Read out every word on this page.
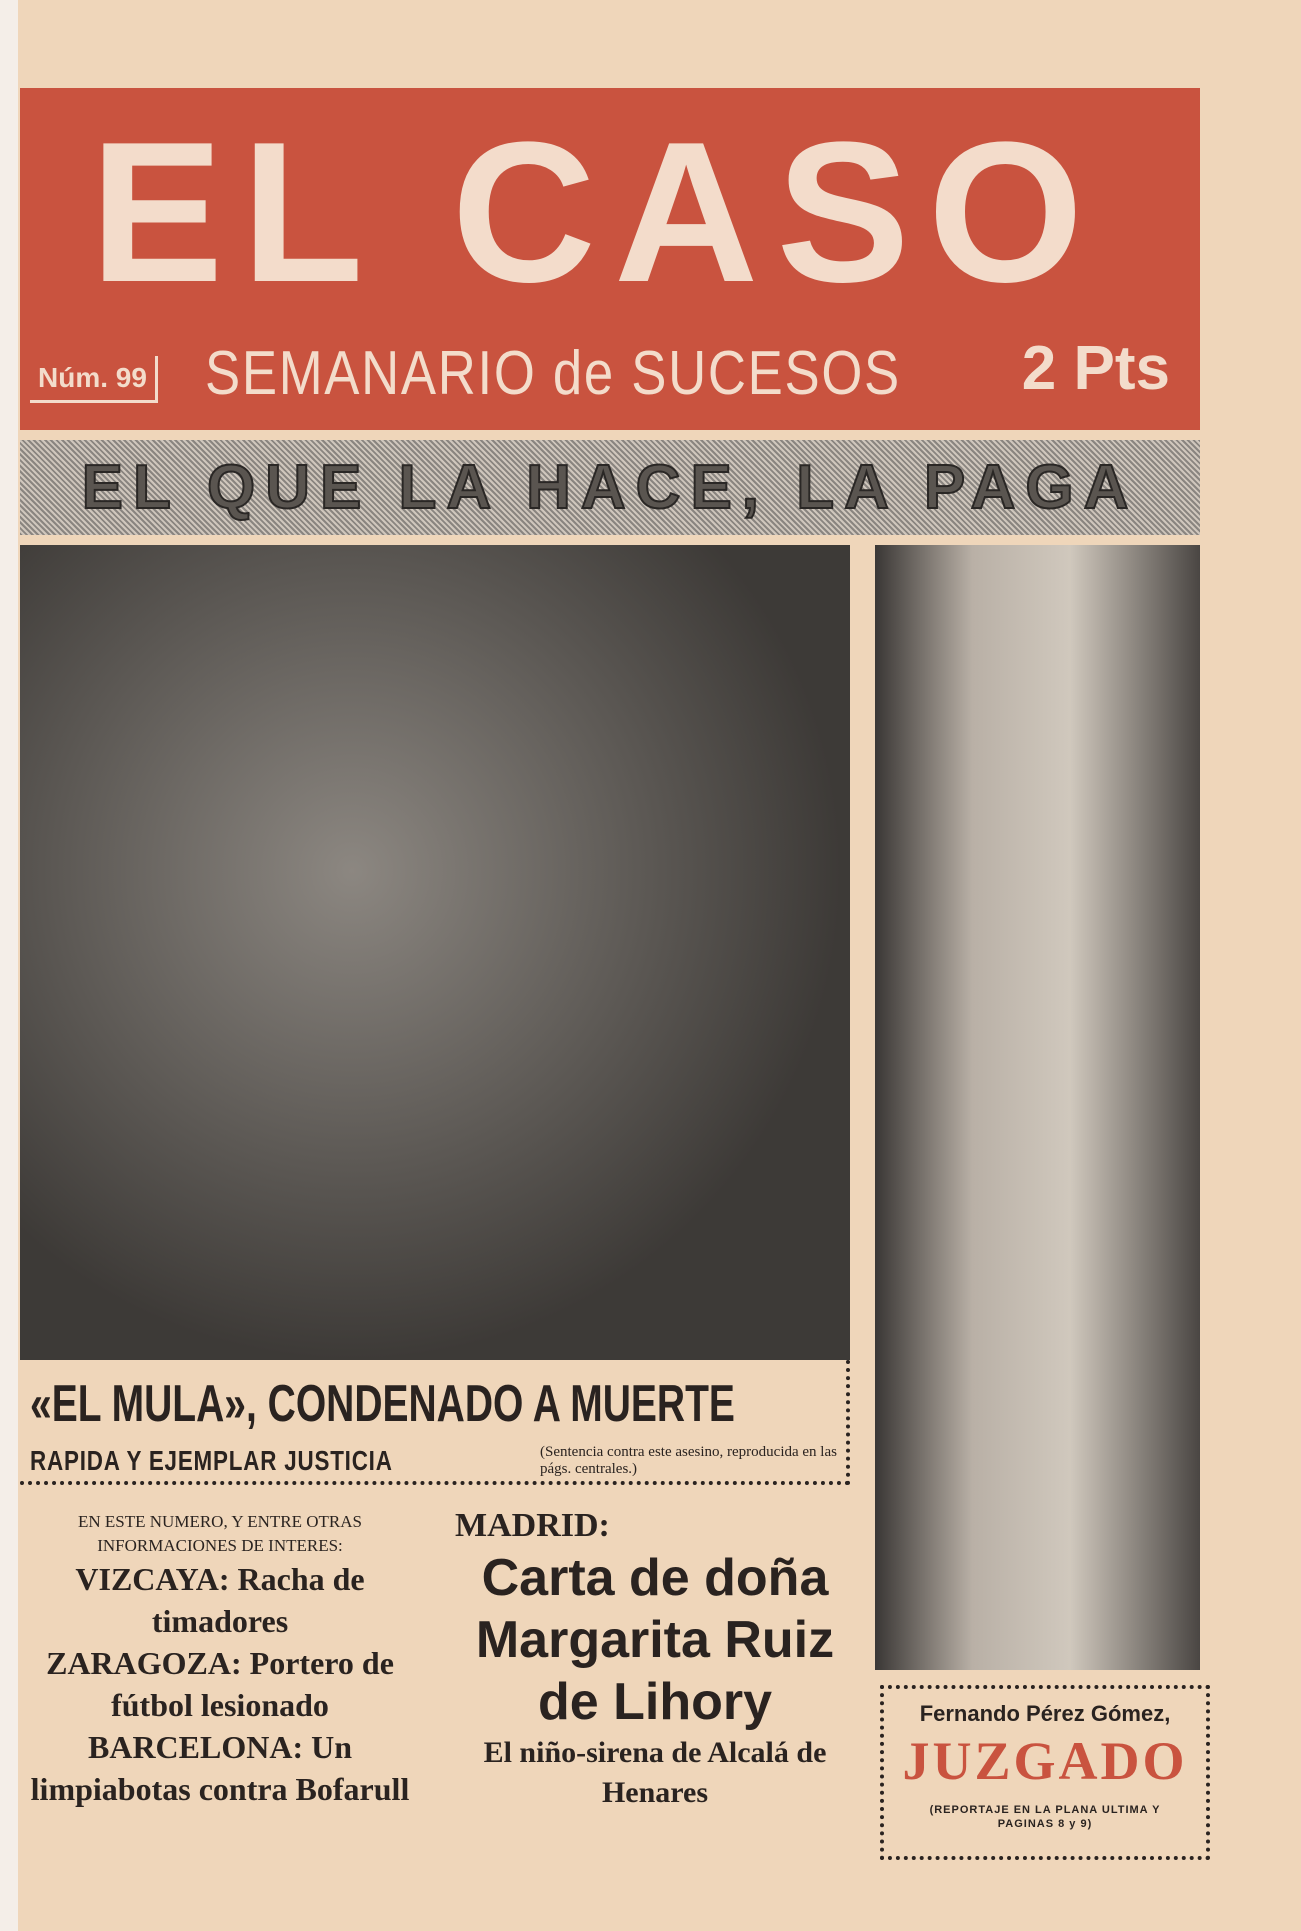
EL CASO
Núm. 99 SEMANARIO de SUCESOS 2 Pts
EL QUE LA HACE, LA PAGA
«EL MULA», CONDENADO A MUERTE
RAPIDA Y EJEMPLAR JUSTICIA	(Sentencia contra este asesino, reproducida en las págs. centrales.)
EN ESTE NUMERO, Y ENTRE OTRAS INFORMACIONES DE INTERES:
VIZCAYA: Racha de timadores
ZARAGOZA: Portero de fútbol lesionado
BARCELONA: Un limpiabotas contra Bofarull
MADRID:
Carta de doña Margarita Ruiz de Lihory
El niño-sirena de Alcalá de Henares
Fernando Pérez Gómez,
JUZGADO
(REPORTAJE EN LA PLANA ULTIMA Y PAGINAS 8 y 9)
